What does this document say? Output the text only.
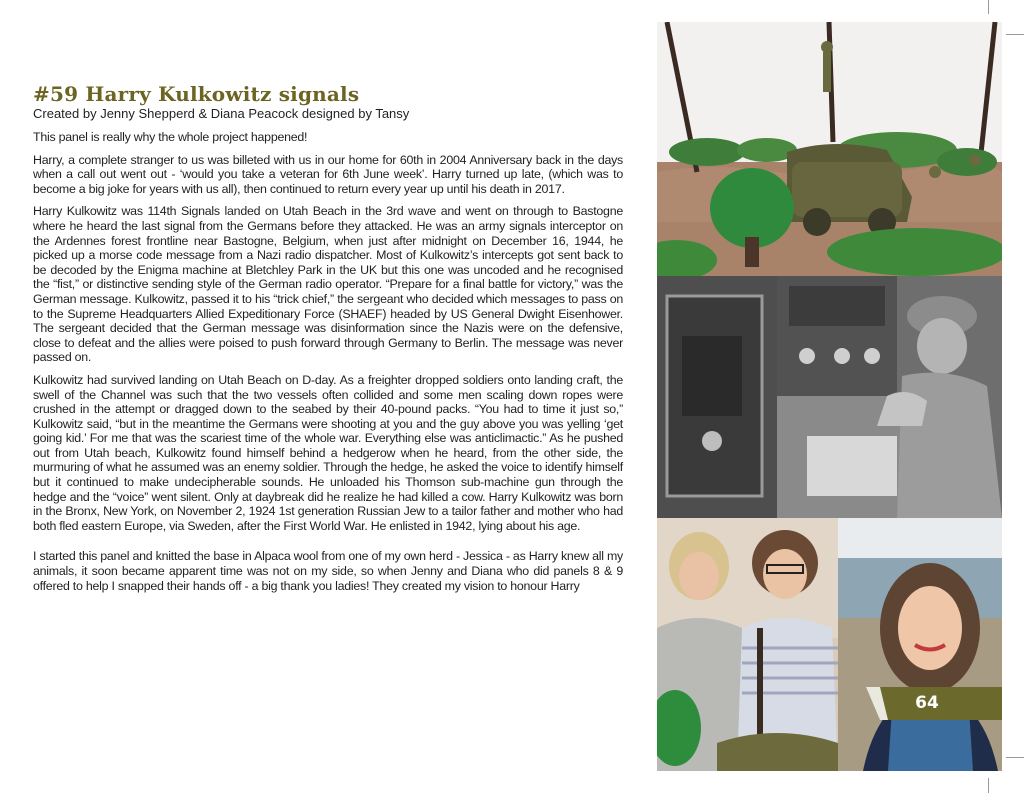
#59 Harry Kulkowitz signals
Created by Jenny Shepperd & Diana Peacock designed by Tansy

This panel is really why the whole project happened!

Harry, a complete stranger to us was billeted with us in our home for 60th in 2004 Anniversary back in the days when a call out went out - ‘would you take a veteran for 6th June week’. Harry turned up late, (which was to become a big joke for years with us all), then continued to return every year up until his death in 2017.

Harry Kulkowitz was 114th Signals landed on Utah Beach in the 3rd wave and went on through to Bastogne where he heard the last signal from the Germans before they attacked. He was an army signals interceptor on the Ardennes forest frontline near Bastogne, Belgium, when just after midnight on December 16, 1944, he picked up a morse code message from a Nazi radio dispatcher. Most of Kulkowitz’s intercepts got sent back to be decoded by the Enigma machine at Bletchley Park in the UK but this one was uncoded and he recognised the “fist,” or distinctive sending style of the German radio operator. “Prepare for a final battle for victory,” was the German message. Kulkowitz, passed it to his “trick chief,” the sergeant who decided which messages to pass on to the Supreme Headquarters Allied Expeditionary Force (SHAEF) headed by US General Dwight Eisenhower. The sergeant decided that the German message was disinformation since the Nazis were on the defensive, close to defeat and the allies were poised to push forward through Germany to Berlin. The message was never passed on.

Kulkowitz had survived landing on Utah Beach on D-day. As a freighter dropped soldiers onto landing craft, the swell of the Channel was such that the two vessels often collided and some men scaling down ropes were crushed in the attempt or dragged down to the seabed by their 40-pound packs. “You had to time it just so,” Kulkowitz said, “but in the meantime the Germans were shooting at you and the guy above you was yelling ‘get going kid.’ For me that was the scariest time of the whole war. Everything else was anticlimactic.” As he pushed out from Utah beach, Kulkowitz found himself behind a hedgerow when he heard, from the other side, the murmuring of what he assumed was an enemy soldier. Through the hedge, he asked the voice to identify himself but it continued to make undecipherable sounds. He unloaded his Thomson sub-machine gun through the hedge and the “voice” went silent. Only at daybreak did he realize he had killed a cow. Harry Kulkowitz was born in the Bronx, New York, on November 2, 1924 1st generation Russian Jew to a tailor father and mother who had both fled eastern Europe, via Sweden, after the First World War. He enlisted in 1942, lying about his age.

I started this panel and knitted the base in Alpaca wool from one of my own herd - Jessica - as Harry knew all my animals, it soon became apparent time was not on my side, so when Jenny and Diana who did panels 8 & 9 offered to help I snapped their hands off - a big thank you ladies! They created my vision to honour Harry

64
